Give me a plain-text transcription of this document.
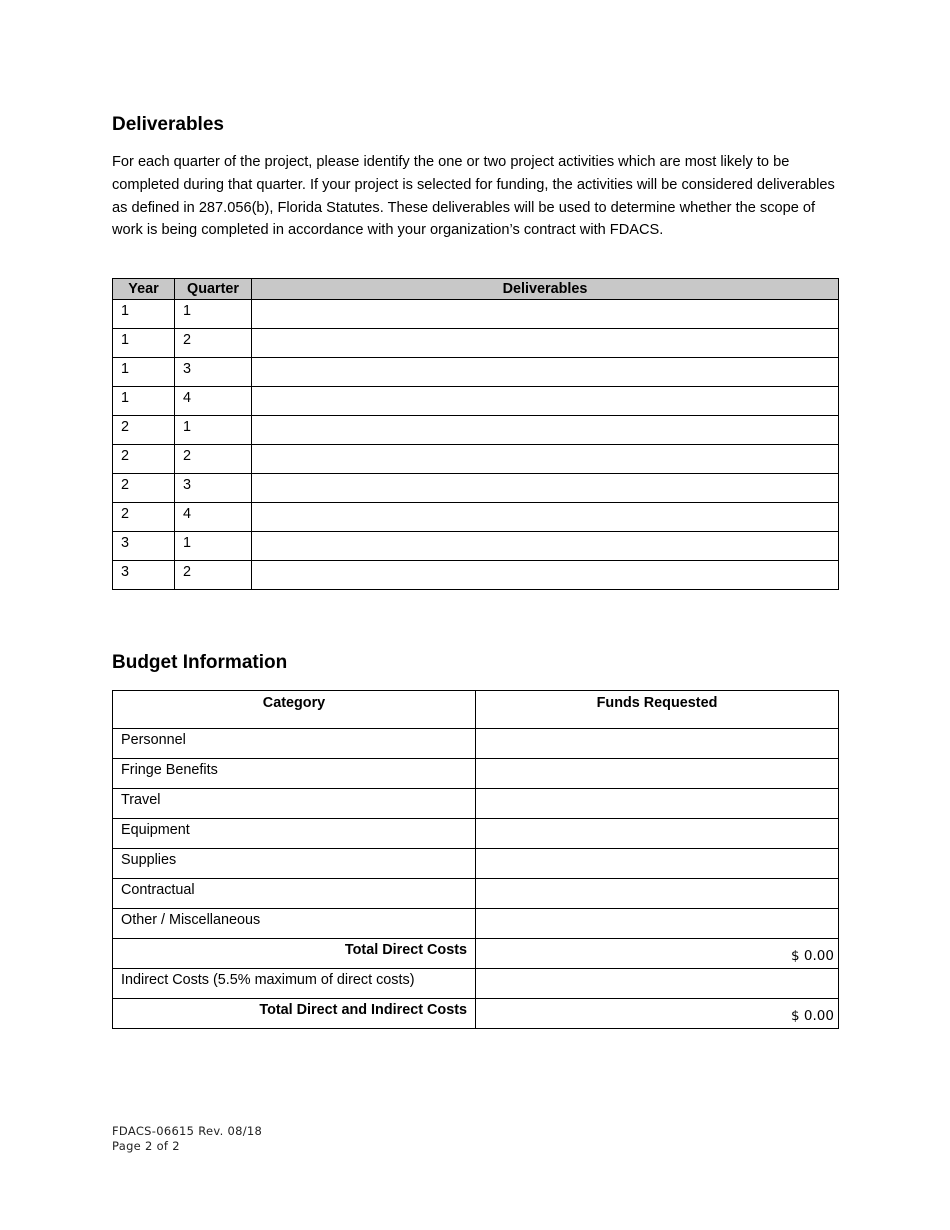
Deliverables

For each quarter of the project, please identify the one or two project activities which are most likely to be completed during that quarter. If your project is selected for funding, the activities will be considered deliverables as defined in 287.056(b), Florida Statutes. These deliverables will be used to determine whether the scope of work is being completed in accordance with your organization’s contract with FDACS.

Year	Quarter	Deliverables
1	1	
1	2	
1	3	
1	4	
2	1	
2	2	
2	3	
2	4	
3	1	
3	2	
Budget Information
Category	Funds Requested
Personnel	
Fringe Benefits	
Travel	
Equipment	
Supplies	
Contractual	
Other / Miscellaneous	
Total Direct Costs	$ 0.00
Indirect Costs (5.5% maximum of direct costs)	
Total Direct and Indirect Costs	$ 0.00
FDACS-06615 Rev. 08/18
Page 2 of 2
